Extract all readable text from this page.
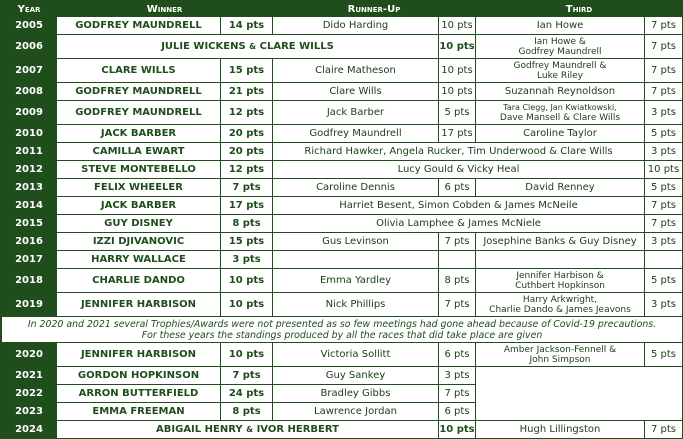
Year	Winner		Runner-Up		Third	
2005	GODFREY MAUNDRELL	14 pts	Dido Harding	10 pts	Ian Howe	7 pts
2006	JULIE WICKENS & CLARE WILLS			10 pts	Ian Howe &
Godfrey Maundrell	7 pts
2007	CLARE WILLS	15 pts	Claire Matheson	10 pts	Godfrey Maundrell &
Luke Riley	7 pts
2008	GODFREY MAUNDRELL	21 pts	Clare Wills	10 pts	Suzannah Reynoldson	7 pts
2009	GODFREY MAUNDRELL	12 pts	Jack Barber	5 pts	Tara Clegg, Jan Kwiatkowski,
Dave Mansell & Clare Wills	3 pts
2010	JACK BARBER	20 pts	Godfrey Maundrell	17 pts	Caroline Taylor	5 pts
2011	CAMILLA EWART	20 pts	Richard Hawker, Angela Rucker, Tim Underwood & Clare Wills			3 pts
2012	STEVE MONTEBELLO	12 pts	Lucy Gould & Vicky Heal			10 pts
2013	FELIX WHEELER	7 pts	Caroline Dennis	6 pts	David Renney	5 pts
2014	JACK BARBER	17 pts	Harriet Besent, Simon Cobden & James McNeile			7 pts
2015	GUY DISNEY	8 pts	Olivia Lamphee & James McNiele			7 pts
2016	IZZI DJIVANOVIC	15 pts	Gus Levinson	7 pts	Josephine Banks & Guy Disney	3 pts
2017	HARRY WALLACE	3 pts				
2018	CHARLIE DANDO	10 pts	Emma Yardley	8 pts	Jennifer Harbison &
Cuthbert Hopkinson	5 pts
2019	JENNIFER HARBISON	10 pts	Nick Phillips	7 pts	Harry Arkwright,
Charlie Dando & James Jeavons	3 pts

In 2020 and 2021 several Trophies/Awards were not presented as so few meetings had gone ahead because of Covid-19 precautions.
For these years the standings produced by all the races that did take place are given						

2020	JENNIFER HARBISON	10 pts	Victoria Sollitt	6 pts	Amber Jackson-Fennell &
John Simpson	5 pts
2021	GORDON HOPKINSON	7 pts	Guy Sankey	3 pts		
2022	ARRON BUTTERFIELD	24 pts	Bradley Gibbs	7 pts		
2023	EMMA FREEMAN	8 pts	Lawrence Jordan	6 pts		
2024	ABIGAIL HENRY & IVOR HERBERT			10 pts	Hugh Lillingston	7 pts
